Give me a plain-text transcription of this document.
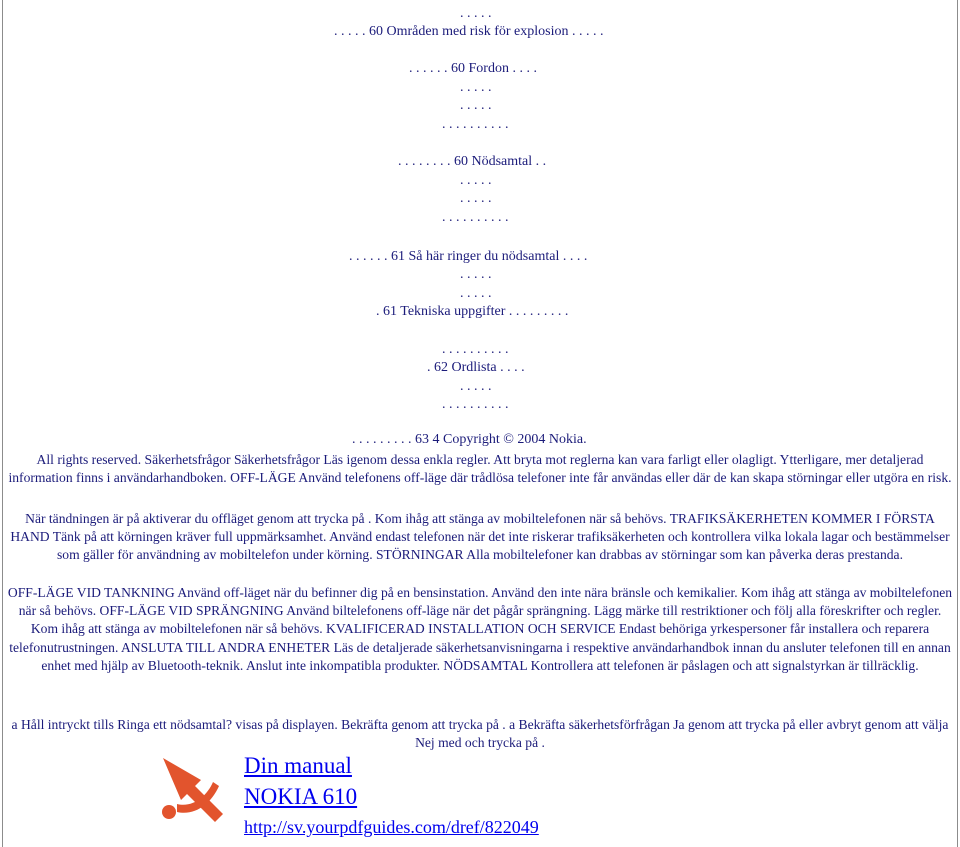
. . . . .
. . . . . 60 Områden med risk för explosion . . . . .
. . . . . . 60 Fordon . . . .
. . . . .
. . . . .
. . . . . . . . . .
. . . . . . . . 60 Nödsamtal . .
. . . . .
. . . . .
. . . . . . . . . .
. . . . . . 61 Så här ringer du nödsamtal . . . .
. . . . .
. . . . .
. 61 Tekniska uppgifter . . . . . . . . .
. . . . . . . . . .
. 62 Ordlista . . . .
. . . . .
. . . . . . . . . .
. . . . . . . . . 63 4 Copyright © 2004 Nokia.
All rights reserved. Säkerhetsfrågor Säkerhetsfrågor Läs igenom dessa enkla regler. Att bryta mot reglerna kan vara farligt eller olagligt. Ytterligare, mer detaljerad information finns i användarhandboken. OFF-LÄGE Använd telefonens off-läge där trådlösa telefoner inte får användas eller där de kan skapa störningar eller utgöra en risk.
När tändningen är på aktiverar du offläget genom att trycka på . Kom ihåg att stänga av mobiltelefonen när så behövs. TRAFIKSÄKERHETEN KOMMER I FÖRSTA HAND Tänk på att körningen kräver full uppmärksamhet. Använd endast telefonen när det inte riskerar trafiksäkerheten och kontrollera vilka lokala lagar och bestämmelser som gäller för användning av mobiltelefon under körning. STÖRNINGAR Alla mobiltelefoner kan drabbas av störningar som kan påverka deras prestanda.
OFF-LÄGE VID TANKNING Använd off-läget när du befinner dig på en bensinstation. Använd den inte nära bränsle och kemikalier. Kom ihåg att stänga av mobiltelefonen när så behövs. OFF-LÄGE VID SPRÄNGNING Använd biltelefonens off-läge när det pågår sprängning. Lägg märke till restriktioner och följ alla föreskrifter och regler. Kom ihåg att stänga av mobiltelefonen när så behövs. KVALIFICERAD INSTALLATION OCH SERVICE Endast behöriga yrkespersoner får installera och reparera telefonutrustningen. ANSLUTA TILL ANDRA ENHETER Läs de detaljerade säkerhetsanvisningarna i respektive användarhandbok innan du ansluter telefonen till en annan enhet med hjälp av Bluetooth-teknik. Anslut inte inkompatibla produkter. NÖDSAMTAL Kontrollera att telefonen är påslagen och att signalstyrkan är tillräcklig.
a Håll intryckt tills Ringa ett nödsamtal? visas på displayen. Bekräfta genom att trycka på . a Bekräfta säkerhetsförfrågan Ja genom att trycka på eller avbryt genom att välja Nej med och trycka på .
Din manual
NOKIA 610
http://sv.yourpdfguides.com/dref/822049
